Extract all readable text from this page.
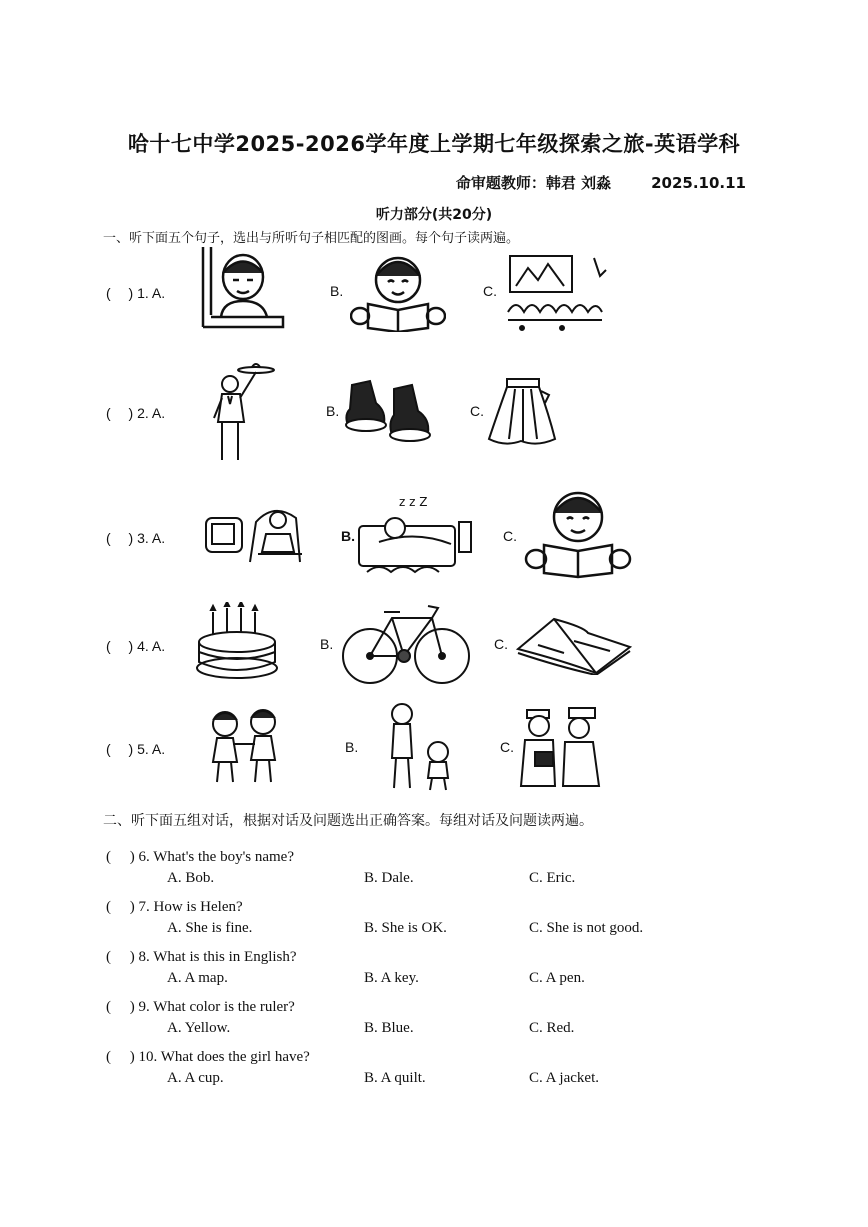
哈十七中学2025-2026学年度上学期七年级探索之旅-英语学科
命审题教师：韩君 刘淼	2025.10.11
听力部分(共20分)
一、听下面五个句子，选出与所听句子相匹配的图画。每个句子读两遍。
( 　) 1. A.	B.	C.
( 　) 2. A.	B.	C.
( 　) 3. A.	B.
z z Z
C.
( 　) 4. A.	B.	C.
( 　) 5. A.	B.	C.
二、听下面五组对话，根据对话及问题选出正确答案。每组对话及问题读两遍。
( 　) 6. What's the boy's name?
A. Bob.	B. Dale.	C. Eric.
( 　) 7. How is Helen?
A. She is fine.	B. She is OK.	C. She is not good.
( 　) 8. What is this in English?
A. A map.	B. A key.	C. A pen.
( 　) 9. What color is the ruler?
A. Yellow.	B. Blue.	C. Red.
( 　) 10. What does the girl have?
A. A cup.	B. A quilt.	C. A jacket.
